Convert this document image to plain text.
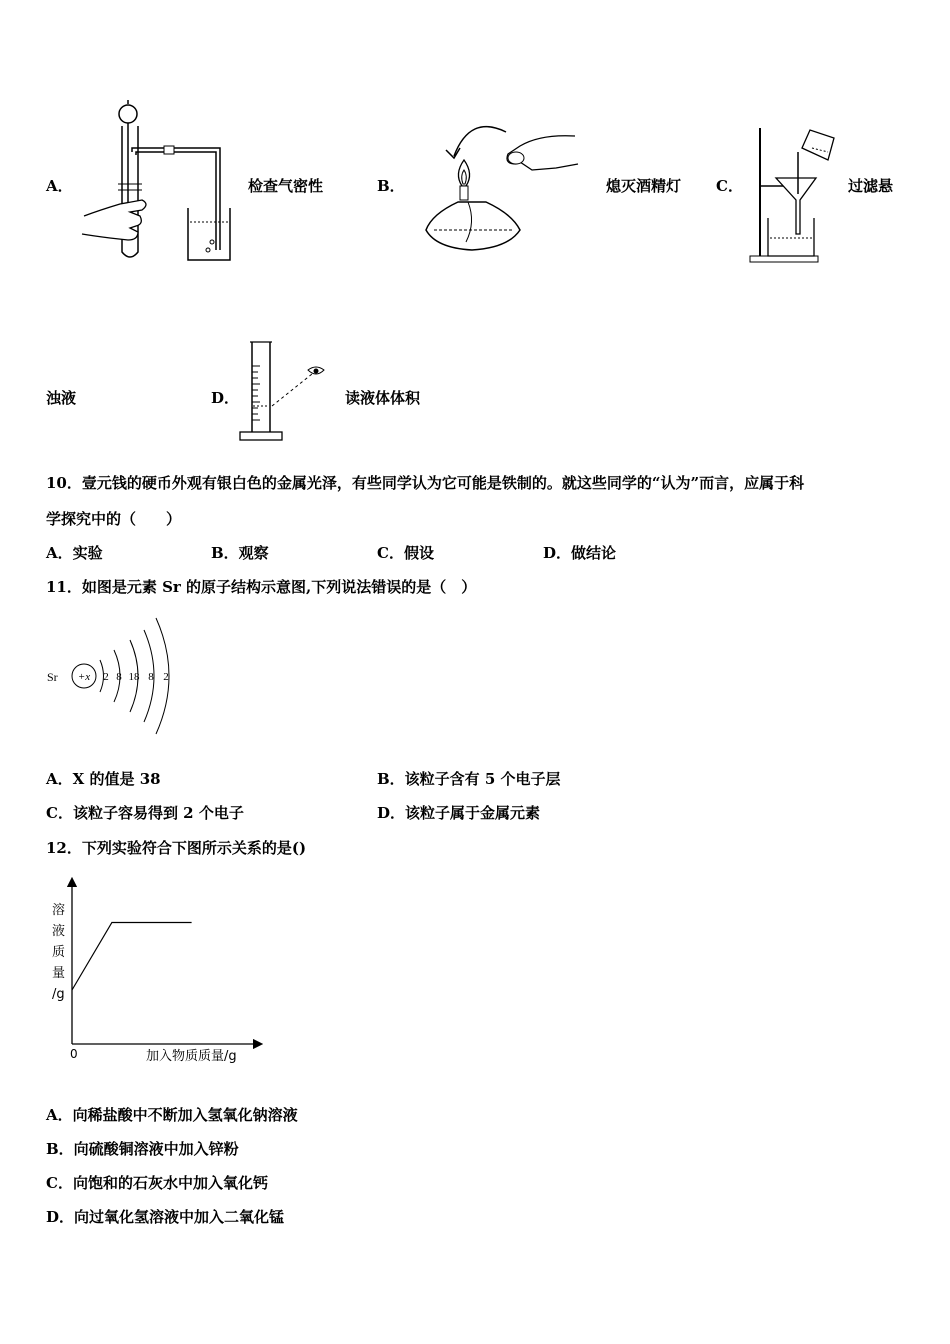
A．	检查气密性	B．	熄灭酒精灯 C．	过滤悬
浊液	D．	读液体体积
10．壹元钱的硬币外观有银白色的金属光泽，有些同学认为它可能是铁制的。就这些同学的“认为”而言，应属于科
学探究中的（　　）
A．实验	B．观察	C．假设	D．做结论
11．如图是元素 Sr 的原子结构示意图,下列说法错误的是（　）
Sr +x 2 8 18 8 2
A．X 的值是 38	B．该粒子含有 5 个电子层
C．该粒子容易得到 2 个电子	D．该粒子属于金属元素
12．下列实验符合下图所示关系的是()
溶
液
质
量
/g
0	加入物质质量/g
A．向稀盐酸中不断加入氢氧化钠溶液
B．向硫酸铜溶液中加入锌粉
C．向饱和的石灰水中加入氧化钙
D．向过氧化氢溶液中加入二氧化锰
